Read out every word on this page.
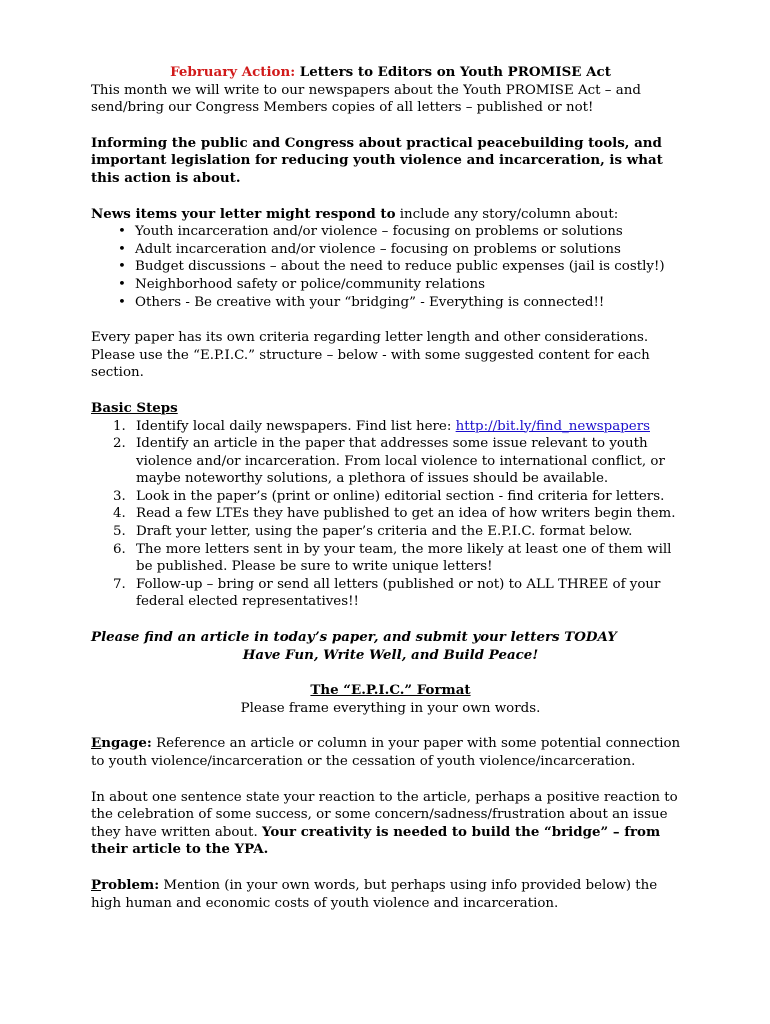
February Action: Letters to Editors on Youth PROMISE Act

This month we will write to our newspapers about the Youth PROMISE Act – and send/bring our Congress Members copies of all letters – published or not!

Informing the public and Congress about practical peacebuilding tools, and important legislation for reducing youth violence and incarceration, is what this action is about.

News items your letter might respond to include any story/column about:

• Youth incarceration and/or violence – focusing on problems or solutions
• Adult incarceration and/or violence – focusing on problems or solutions
• Budget discussions – about the need to reduce public expenses (jail is costly!)
• Neighborhood safety or police/community relations
• Others - Be creative with your “bridging” - Everything is connected!!

Every paper has its own criteria regarding letter length and other considerations. Please use the “E.P.I.C.” structure – below - with some suggested content for each section.

Basic Steps

1. Identify local daily newspapers. Find list here: http://bit.ly/find_newspapers
2. Identify an article in the paper that addresses some issue relevant to youth violence and/or incarceration. From local violence to international conflict, or maybe noteworthy solutions, a plethora of issues should be available.
3. Look in the paper’s (print or online) editorial section - find criteria for letters.
4. Read a few LTEs they have published to get an idea of how writers begin them.
5. Draft your letter, using the paper’s criteria and the E.P.I.C. format below.
6. The more letters sent in by your team, the more likely at least one of them will be published. Please be sure to write unique letters!
7. Follow-up – bring or send all letters (published or not) to ALL THREE of your federal elected representatives!!

Please find an article in today’s paper, and submit your letters TODAY

Have Fun, Write Well, and Build Peace!

The “E.P.I.C.” Format

Please frame everything in your own words.

Engage: Reference an article or column in your paper with some potential connection to youth violence/incarceration or the cessation of youth violence/incarceration.

In about one sentence state your reaction to the article, perhaps a positive reaction to the celebration of some success, or some concern/sadness/frustration about an issue they have written about. Your creativity is needed to build the “bridge” – from their article to the YPA.

Problem: Mention (in your own words, but perhaps using info provided below) the high human and economic costs of youth violence and incarceration.
